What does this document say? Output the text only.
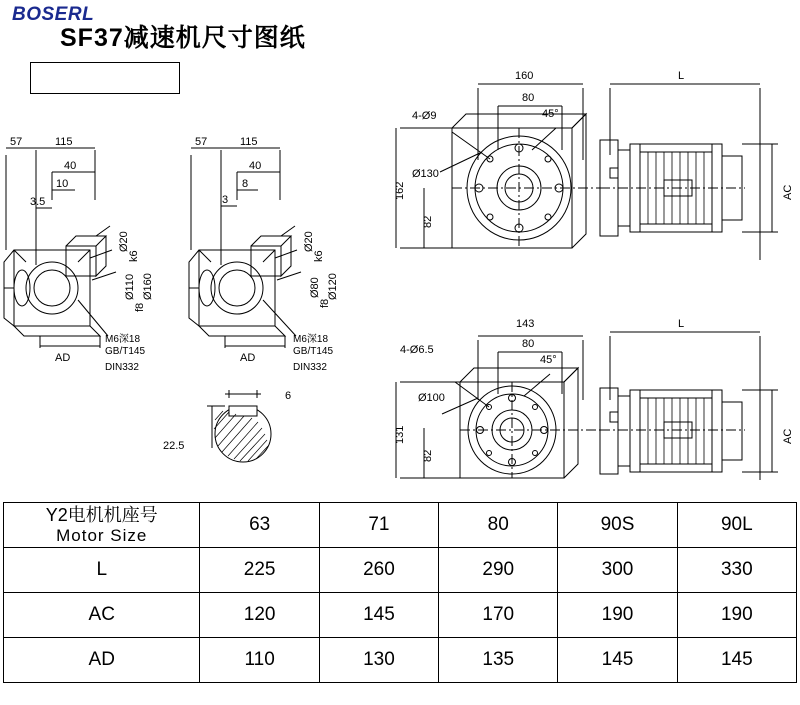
SF37减速机尺寸图纸
BOSERL
57	115
40
10
3.5
Ø20
k6
Ø110
f8
Ø160
AD
M6深18
GB/T145
DIN332
57	115
40
8
3
Ø20
k6
Ø80
f8
Ø120
AD
M6深18
GB/T145
DIN332
6
22.5
160
80
L
45°
4-Ø9
Ø130
162
82
AC
143
80
L
45°
4-Ø6.5
Ø100
131
82
AC
Y2电机机座号
Motor Size	63	71	80	90S	90L
L	225	260	290	300	330
AC	120	145	170	190	190
AD	110	130	135	145	145
